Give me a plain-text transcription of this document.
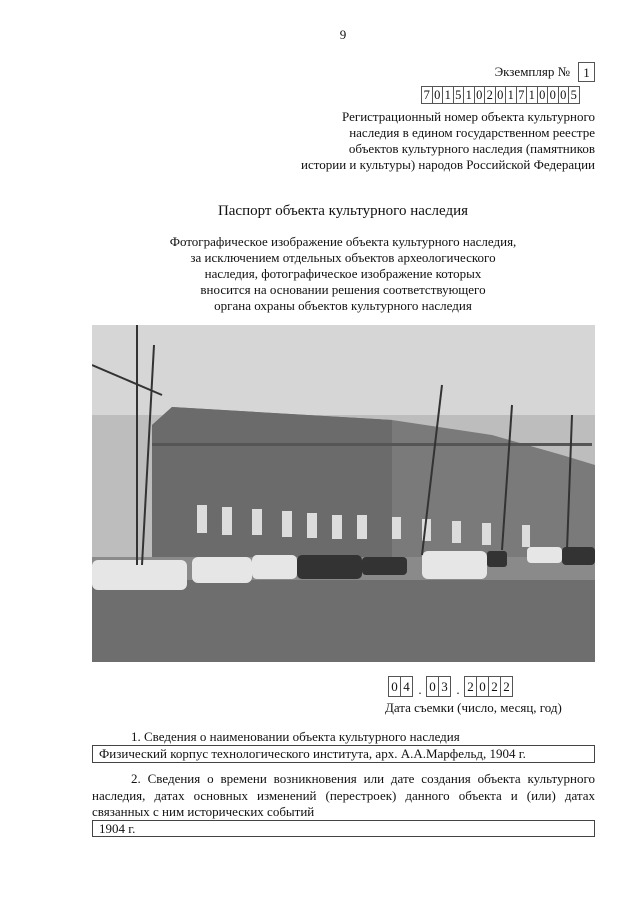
9
Экземпляр №	1
7 0 1 5 1 0 2 0 1 7 1 0 0 0 5
Регистрационный номер объекта культурного
наследия в едином государственном реестре
объектов культурного наследия (памятников
истории и культуры) народов Российской Федерации
Паспорт объекта культурного наследия
Фотографическое изображение объекта культурного наследия,
за исключением отдельных объектов археологического
наследия, фотографическое изображение которых
вносится на основании решения соответствующего
органа охраны объектов культурного наследия
0 4 . 0 3 . 2 0 2 2
Дата съемки (число, месяц, год)
1. Сведения о наименовании объекта культурного наследия
Физический корпус технологического института, арх. А.А.Марфельд, 1904 г.
2. Сведения о времени возникновения или дате создания объекта культурного наследия, датах основных изменений (перестроек) данного объекта и (или) датах связанных с ним исторических событий
1904 г.
